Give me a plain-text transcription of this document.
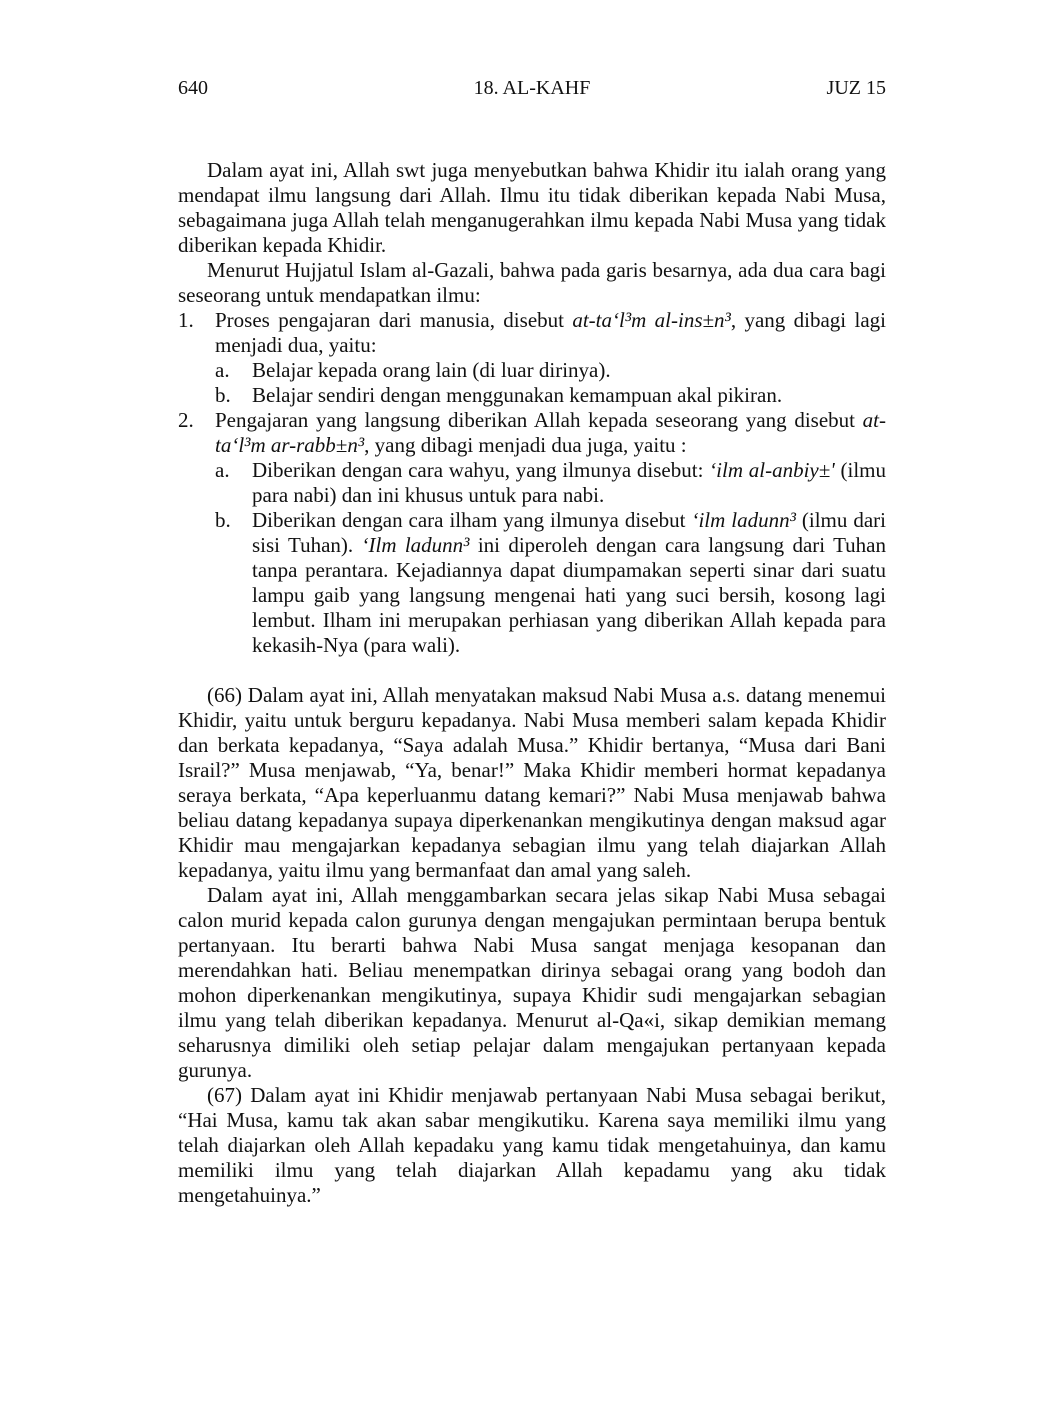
18. AL-KAHF
640	JUZ 15

Dalam ayat ini, Allah swt juga menyebutkan bahwa Khidir itu ialah orang yang mendapat ilmu langsung dari Allah. Ilmu itu tidak diberikan kepada Nabi Musa, sebagaimana juga Allah telah menganugerahkan ilmu kepada Nabi Musa yang tidak diberikan kepada Khidir.

Menurut Hujjatul Islam al-Gazali, bahwa pada garis besarnya, ada dua cara bagi seseorang untuk mendapatkan ilmu:

1. Proses pengajaran dari manusia, disebut at-ta‘l³m al-ins±n³, yang dibagi lagi menjadi dua, yaitu:
a. Belajar kepada orang lain (di luar dirinya).
b. Belajar sendiri dengan menggunakan kemampuan akal pikiran.
2. Pengajaran yang langsung diberikan Allah kepada seseorang yang disebut at-ta‘l³m ar-rabb±n³, yang dibagi menjadi dua juga, yaitu :
a. Diberikan dengan cara wahyu, yang ilmunya disebut: ‘ilm al-anbiy±' (ilmu para nabi) dan ini khusus untuk para nabi.
b. Diberikan dengan cara ilham yang ilmunya disebut ‘ilm ladunn³ (ilmu dari sisi Tuhan). ‘Ilm ladunn³ ini diperoleh dengan cara langsung dari Tuhan tanpa perantara. Kejadiannya dapat diumpamakan seperti sinar dari suatu lampu gaib yang langsung mengenai hati yang suci bersih, kosong lagi lembut. Ilham ini merupakan perhiasan yang diberikan Allah kepada para kekasih-Nya (para wali).

(66) Dalam ayat ini, Allah menyatakan maksud Nabi Musa a.s. datang menemui Khidir, yaitu untuk berguru kepadanya. Nabi Musa memberi salam kepada Khidir dan berkata kepadanya, “Saya adalah Musa.” Khidir bertanya, “Musa dari Bani Israil?” Musa menjawab, “Ya, benar!” Maka Khidir memberi hormat kepadanya seraya berkata, “Apa keperluanmu datang kemari?” Nabi Musa menjawab bahwa beliau datang kepadanya supaya diperkenankan mengikutinya dengan maksud agar Khidir mau mengajarkan kepadanya sebagian ilmu yang telah diajarkan Allah kepadanya, yaitu ilmu yang bermanfaat dan amal yang saleh.

Dalam ayat ini, Allah menggambarkan secara jelas sikap Nabi Musa sebagai calon murid kepada calon gurunya dengan mengajukan permintaan berupa bentuk pertanyaan. Itu berarti bahwa Nabi Musa sangat menjaga kesopanan dan merendahkan hati. Beliau menempatkan dirinya sebagai orang yang bodoh dan mohon diperkenankan mengikutinya, supaya Khidir sudi mengajarkan sebagian ilmu yang telah diberikan kepadanya. Menurut al-Qa«i, sikap demikian memang seharusnya dimiliki oleh setiap pelajar dalam mengajukan pertanyaan kepada gurunya.

(67) Dalam ayat ini Khidir menjawab pertanyaan Nabi Musa sebagai berikut, “Hai Musa, kamu tak akan sabar mengikutiku. Karena saya memiliki ilmu yang telah diajarkan oleh Allah kepadaku yang kamu tidak mengetahuinya, dan kamu memiliki ilmu yang telah diajarkan Allah kepadamu yang aku tidak mengetahuinya.”
